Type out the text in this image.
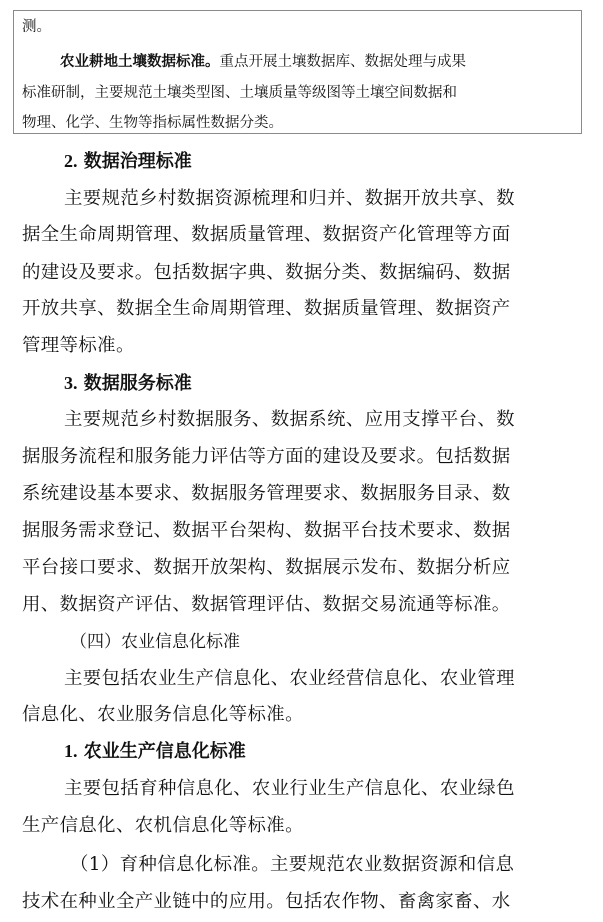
测。
农业耕地土壤数据标准。重点开展土壤数据库、数据处理与成果
标准研制，主要规范土壤类型图、土壤质量等级图等土壤空间数据和
物理、化学、生物等指标属性数据分类。
2. 数据治理标准
主要规范乡村数据资源梳理和归并、数据开放共享、数
据全生命周期管理、数据质量管理、数据资产化管理等方面
的建设及要求。包括数据字典、数据分类、数据编码、数据
开放共享、数据全生命周期管理、数据质量管理、数据资产
管理等标准。
3. 数据服务标准
主要规范乡村数据服务、数据系统、应用支撑平台、数
据服务流程和服务能力评估等方面的建设及要求。包括数据
系统建设基本要求、数据服务管理要求、数据服务目录、数
据服务需求登记、数据平台架构、数据平台技术要求、数据
平台接口要求、数据开放架构、数据展示发布、数据分析应
用、数据资产评估、数据管理评估、数据交易流通等标准。
（四）农业信息化标准
主要包括农业生产信息化、农业经营信息化、农业管理
信息化、农业服务信息化等标准。
1. 农业生产信息化标准
主要包括育种信息化、农业行业生产信息化、农业绿色
生产信息化、农机信息化等标准。
（1）育种信息化标准。主要规范农业数据资源和信息
技术在种业全产业链中的应用。包括农作物、畜禽家畜、水
